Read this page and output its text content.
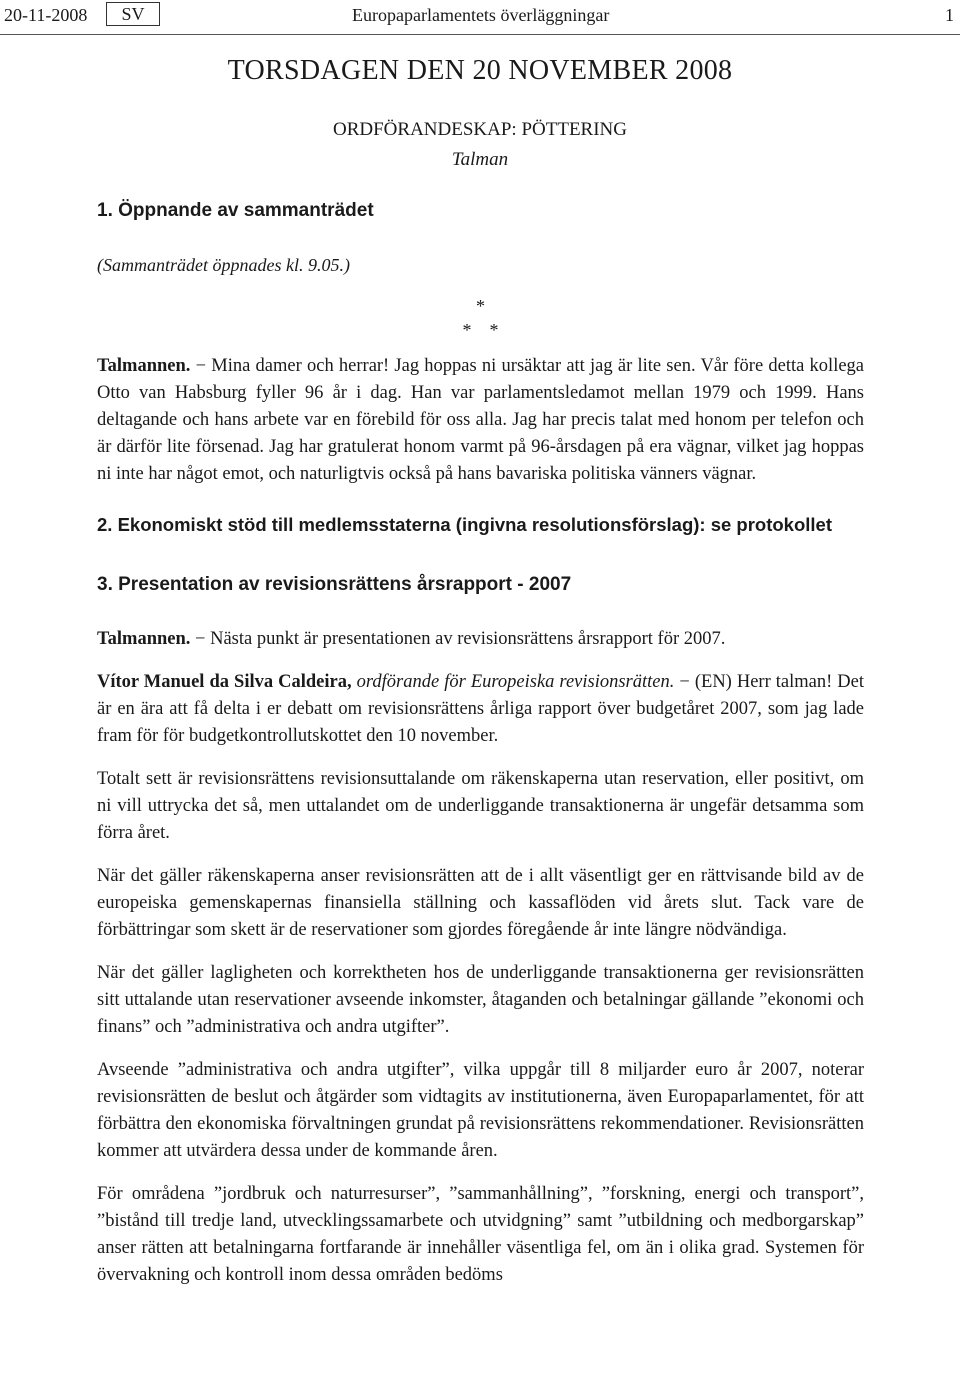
20-11-2008	SV	Europaparlamentets överläggningar	1
TORSDAGEN DEN 20 NOVEMBER 2008
ORDFÖRANDESKAP: PÖTTERING
Talman
1. Öppnande av sammanträdet

(Sammanträdet öppnades kl. 9.05.)

*

*    *

Talmannen. − Mina damer och herrar! Jag hoppas ni ursäktar att jag är lite sen. Vår före detta kollega Otto van Habsburg fyller 96 år i dag. Han var parlamentsledamot mellan 1979 och 1999. Hans deltagande och hans arbete var en förebild för oss alla. Jag har precis talat med honom per telefon och är därför lite försenad. Jag har gratulerat honom varmt på 96-årsdagen på era vägnar, vilket jag hoppas ni inte har något emot, och naturligtvis också på hans bavariska politiska vänners vägnar.

2. Ekonomiskt stöd till medlemsstaterna (ingivna resolutionsförslag): se protokollet
3. Presentation av revisionsrättens årsrapport - 2007

Talmannen. − Nästa punkt är presentationen av revisionsrättens årsrapport för 2007.

Vítor Manuel da Silva Caldeira, ordförande för Europeiska revisionsrätten. − (EN) Herr talman! Det är en ära att få delta i er debatt om revisionsrättens årliga rapport över budgetåret 2007, som jag lade fram för för budgetkontrollutskottet den 10 november.

Totalt sett är revisionsrättens revisionsuttalande om räkenskaperna utan reservation, eller positivt, om ni vill uttrycka det så, men uttalandet om de underliggande transaktionerna är ungefär detsamma som förra året.

När det gäller räkenskaperna anser revisionsrätten att de i allt väsentligt ger en rättvisande bild av de europeiska gemenskapernas finansiella ställning och kassaflöden vid årets slut. Tack vare de förbättringar som skett är de reservationer som gjordes föregående år inte längre nödvändiga.

När det gäller lagligheten och korrektheten hos de underliggande transaktionerna ger revisionsrätten sitt uttalande utan reservationer avseende inkomster, åtaganden och betalningar gällande ”ekonomi och finans” och ”administrativa och andra utgifter”.

Avseende ”administrativa och andra utgifter”, vilka uppgår till 8 miljarder euro år 2007, noterar revisionsrätten de beslut och åtgärder som vidtagits av institutionerna, även Europaparlamentet, för att förbättra den ekonomiska förvaltningen grundat på revisionsrättens rekommendationer. Revisionsrätten kommer att utvärdera dessa under de kommande åren.

För områdena ”jordbruk och naturresurser”, ”sammanhållning”, ”forskning, energi och transport”, ”bistånd till tredje land, utvecklingssamarbete och utvidgning” samt ”utbildning och medborgarskap” anser rätten att betalningarna fortfarande är innehåller väsentliga fel, om än i olika grad. Systemen för övervakning och kontroll inom dessa områden bedöms
